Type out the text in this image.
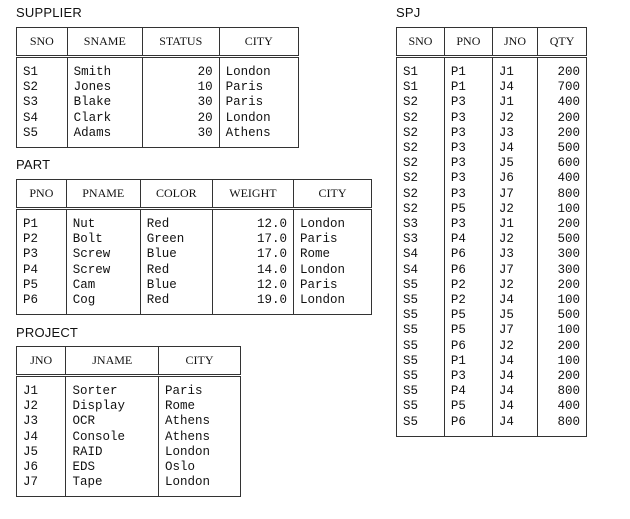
SUPPLIER
SNO	SNAME	STATUS	CITY
S1	Smith	20	London
S2	Jones	10	Paris
S3	Blake	30	Paris
S4	Clark	20	London
S5	Adams	30	Athens
PART
PNO	PNAME	COLOR	WEIGHT	CITY
P1	Nut	Red	12.0	London
P2	Bolt	Green	17.0	Paris
P3	Screw	Blue	17.0	Rome
P4	Screw	Red	14.0	London
P5	Cam	Blue	12.0	Paris
P6	Cog	Red	19.0	London
PROJECT
JNO	JNAME	CITY
J1	Sorter	Paris
J2	Display	Rome
J3	OCR	Athens
J4	Console	Athens
J5	RAID	London
J6	EDS	Oslo
J7	Tape	London
SPJ
SNO	PNO	JNO	QTY
S1	P1	J1	200
S1	P1	J4	700
S2	P3	J1	400
S2	P3	J2	200
S2	P3	J3	200
S2	P3	J4	500
S2	P3	J5	600
S2	P3	J6	400
S2	P3	J7	800
S2	P5	J2	100
S3	P3	J1	200
S3	P4	J2	500
S4	P6	J3	300
S4	P6	J7	300
S5	P2	J2	200
S5	P2	J4	100
S5	P5	J5	500
S5	P5	J7	100
S5	P6	J2	200
S5	P1	J4	100
S5	P3	J4	200
S5	P4	J4	800
S5	P5	J4	400
S5	P6	J4	800
